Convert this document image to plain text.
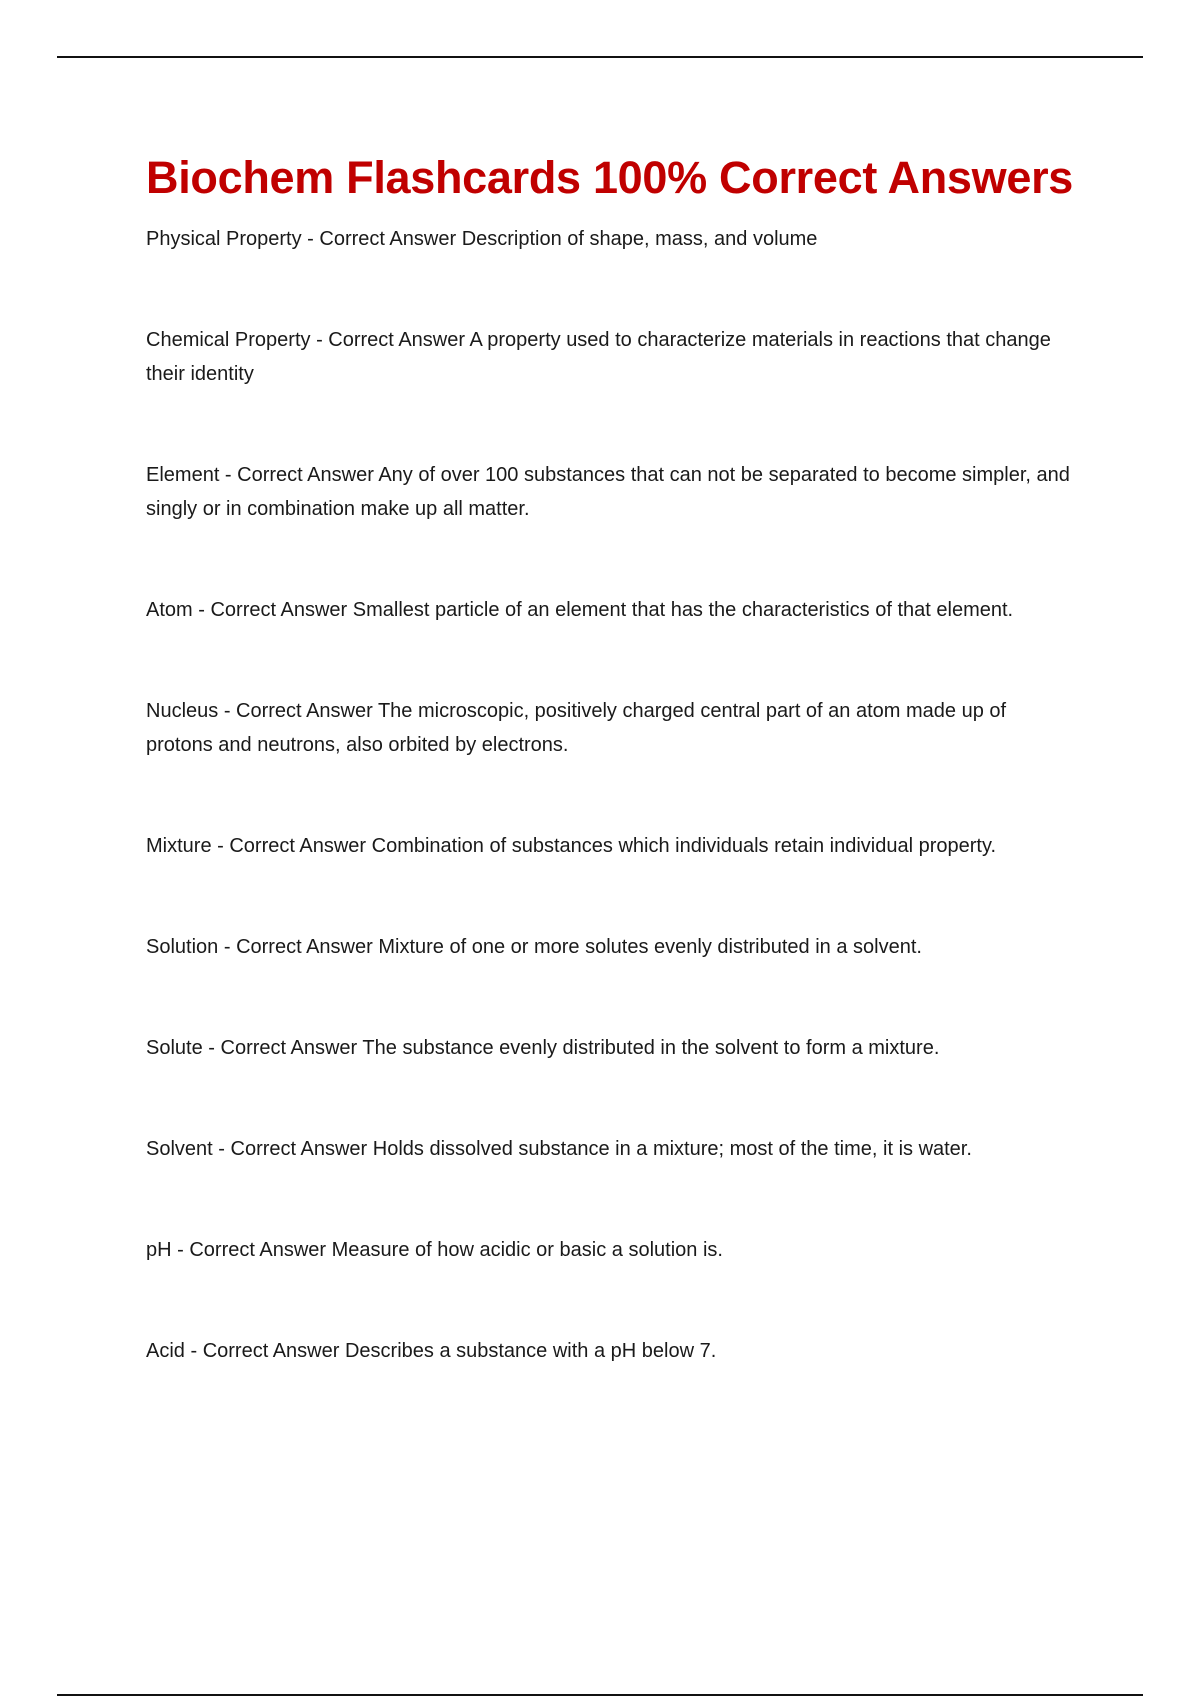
Biochem Flashcards 100% Correct Answers
Physical Property - Correct Answer Description of shape, mass, and volume
Chemical Property - Correct Answer A property used to characterize materials in reactions that change their identity
Element - Correct Answer Any of over 100 substances that can not be separated to become simpler, and singly or in combination make up all matter.
Atom - Correct Answer Smallest particle of an element that has the characteristics of that element.
Nucleus - Correct Answer The microscopic, positively charged central part of an atom made up of protons and neutrons, also orbited by electrons.
Mixture - Correct Answer Combination of substances which individuals retain individual property.
Solution - Correct Answer Mixture of one or more solutes evenly distributed in a solvent.
Solute - Correct Answer The substance evenly distributed in the solvent to form a mixture.
Solvent - Correct Answer Holds dissolved substance in a mixture; most of the time, it is water.
pH - Correct Answer Measure of how acidic or basic a solution is.
Acid - Correct Answer Describes a substance with a pH below 7.
